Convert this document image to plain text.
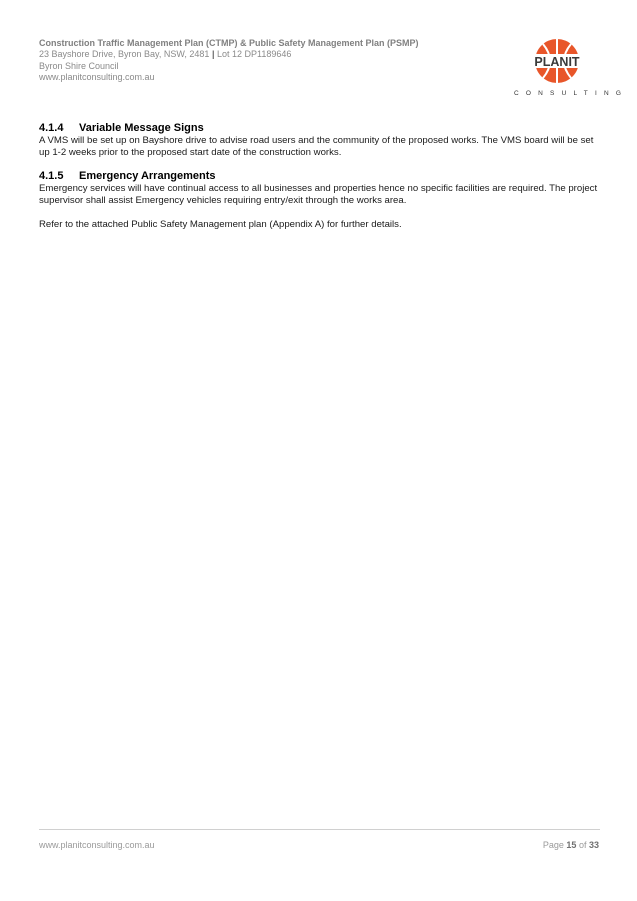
Construction Traffic Management Plan (CTMP) & Public Safety Management Plan (PSMP)
23 Bayshore Drive, Byron Bay, NSW, 2481 | Lot 12 DP1189646
Byron Shire Council
www.planitconsulting.com.au
PLANIT
CONSULTING
4.1.4 Variable Message Signs

A VMS will be set up on Bayshore drive to advise road users and the community of the proposed works. The VMS board will be set up 1-2 weeks prior to the proposed start date of the construction works.

4.1.5 Emergency Arrangements

Emergency services will have continual access to all businesses and properties hence no specific facilities are required. The project supervisor shall assist Emergency vehicles requiring entry/exit through the works area.

Refer to the attached Public Safety Management plan (Appendix A) for further details.

www.planitconsulting.com.au	Page 15 of 33
